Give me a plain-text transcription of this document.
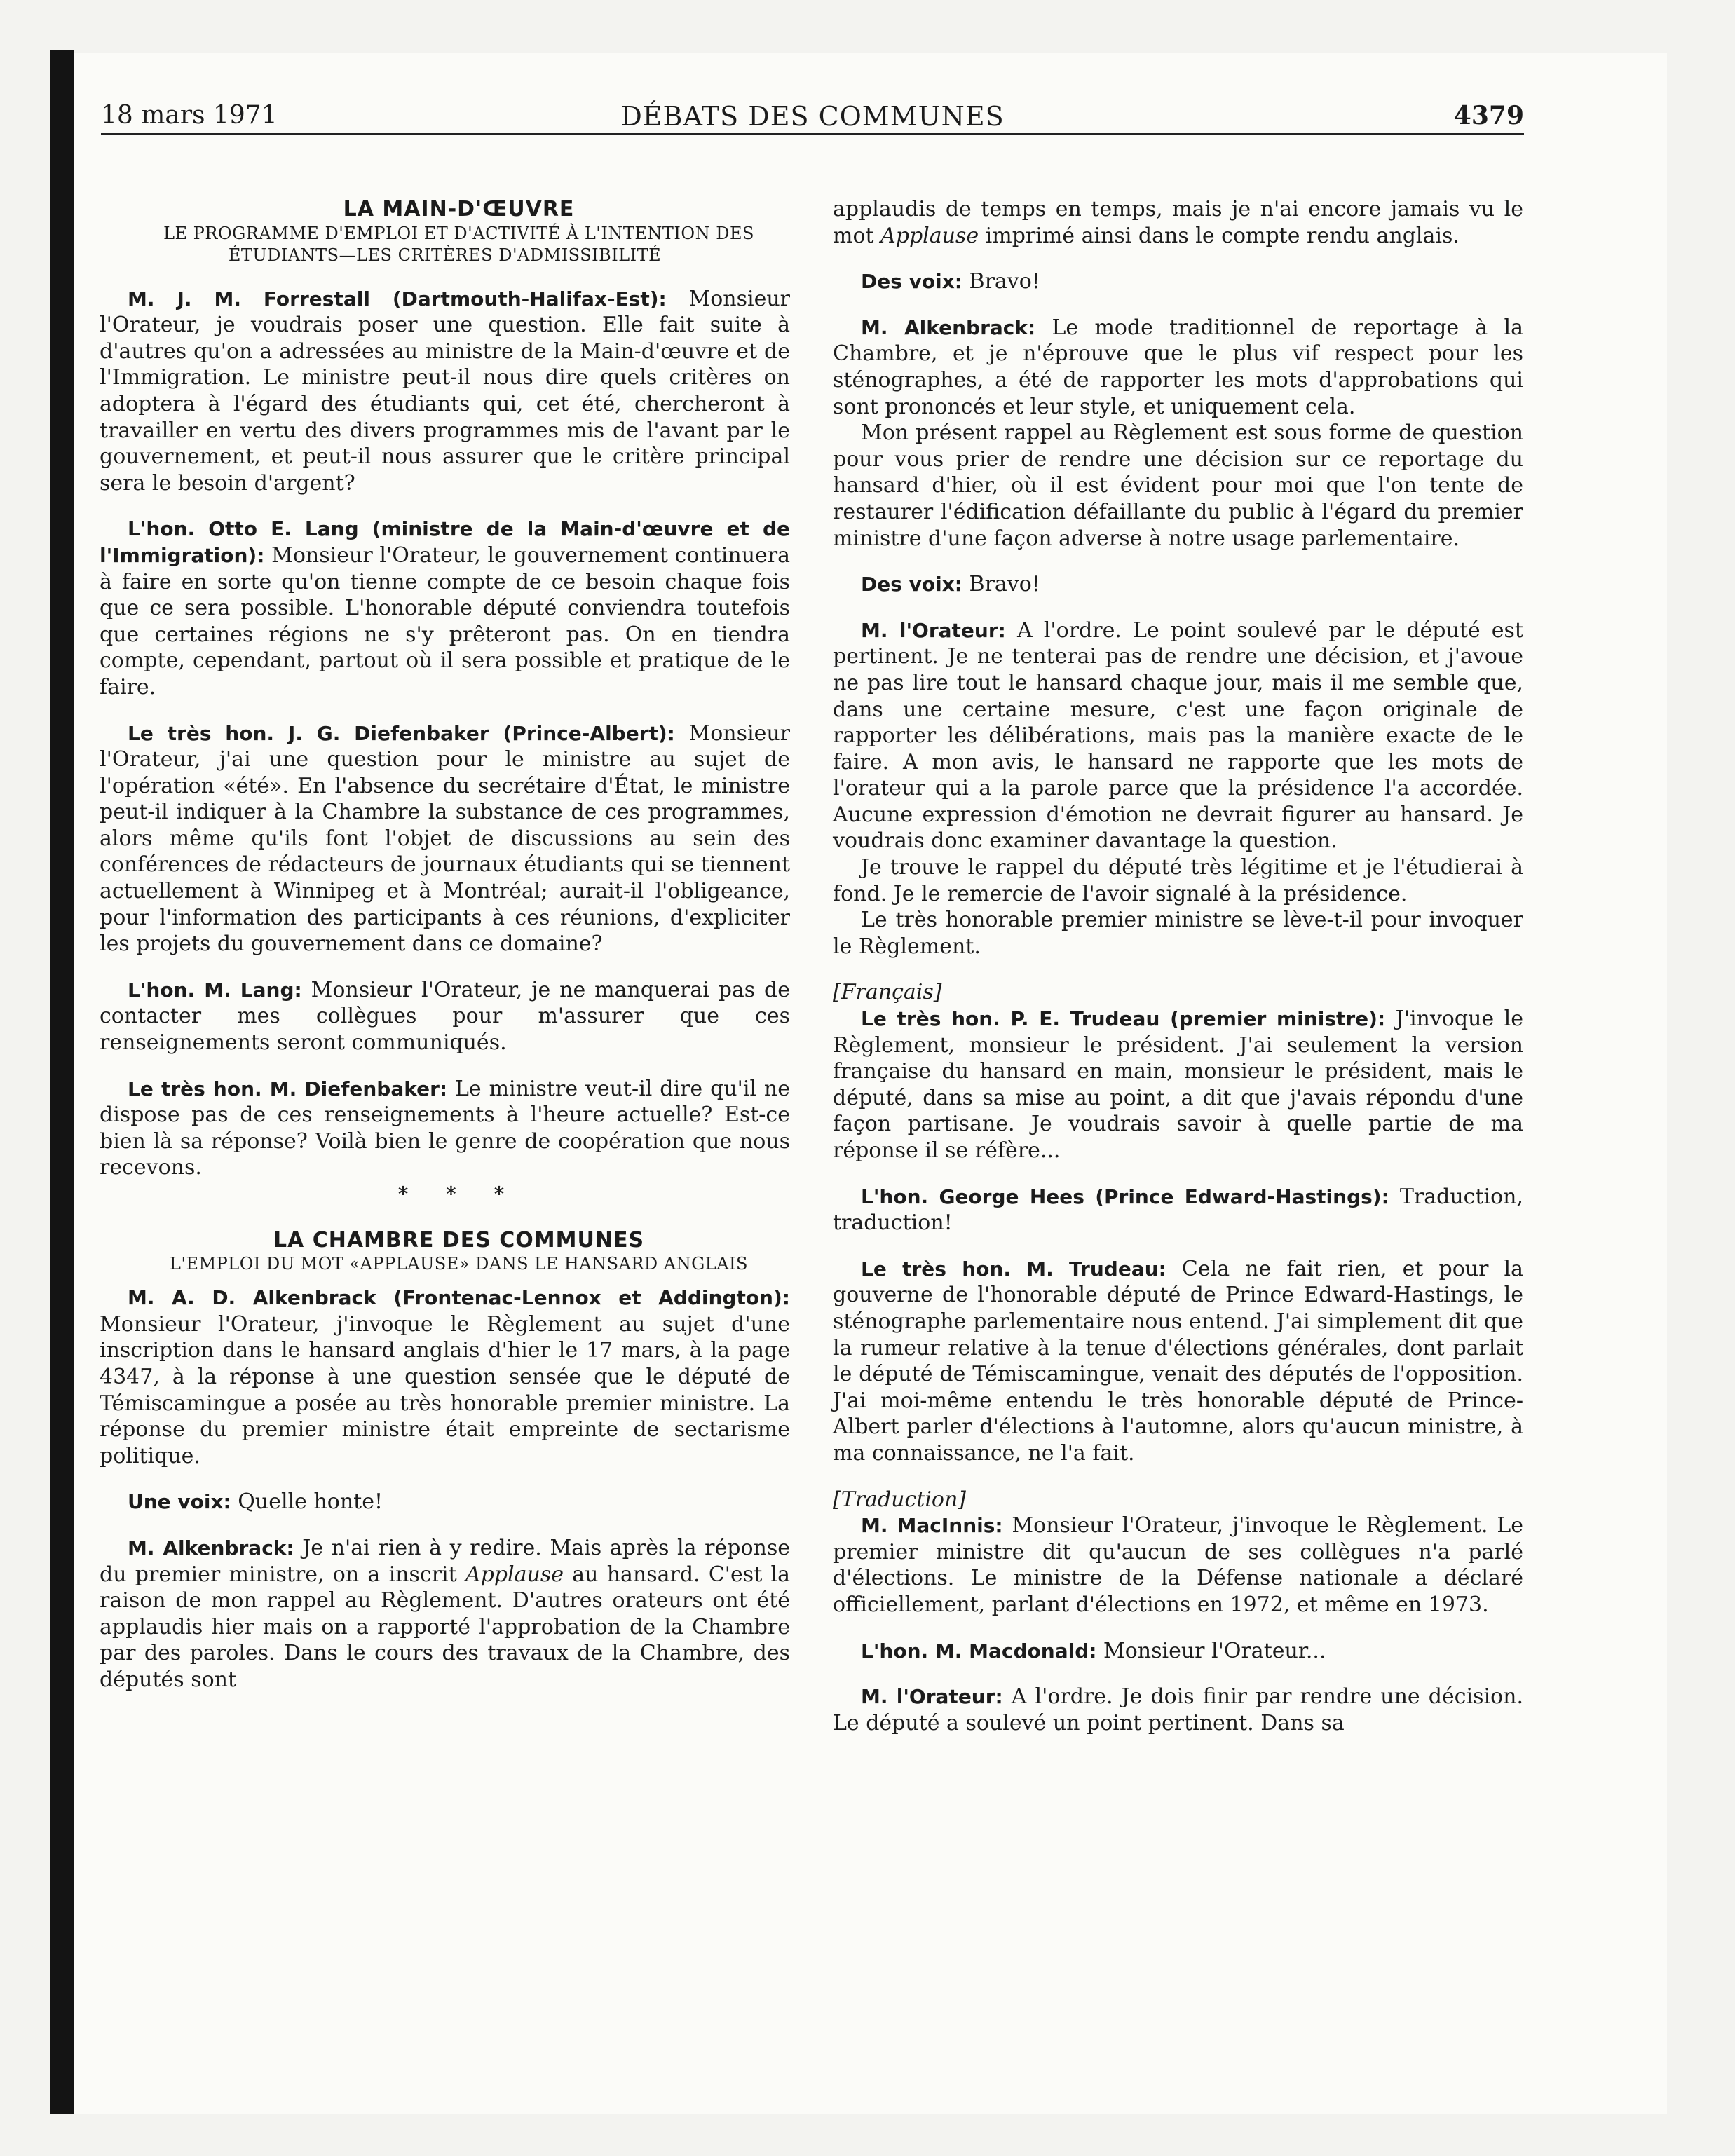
18 mars 1971	DÉBATS DES COMMUNES	4379

LA MAIN-D'ŒUVRE

LE PROGRAMME D'EMPLOI ET D'ACTIVITÉ À L'INTENTION DES ÉTUDIANTS—LES CRITÈRES D'ADMISSIBILITÉ

M. J. M. Forrestall (Dartmouth-Halifax-Est): Monsieur l'Orateur, je voudrais poser une question. Elle fait suite à d'autres qu'on a adressées au ministre de la Main-d'œuvre et de l'Immigration. Le ministre peut-il nous dire quels critères on adoptera à l'égard des étudiants qui, cet été, chercheront à travailler en vertu des divers programmes mis de l'avant par le gouvernement, et peut-il nous assurer que le critère principal sera le besoin d'argent?

L'hon. Otto E. Lang (ministre de la Main-d'œuvre et de l'Immigration): Monsieur l'Orateur, le gouvernement continuera à faire en sorte qu'on tienne compte de ce besoin chaque fois que ce sera possible. L'honorable député conviendra toutefois que certaines régions ne s'y prêteront pas. On en tiendra compte, cependant, partout où il sera possible et pratique de le faire.

Le très hon. J. G. Diefenbaker (Prince-Albert): Monsieur l'Orateur, j'ai une question pour le ministre au sujet de l'opération «été». En l'absence du secrétaire d'État, le ministre peut-il indiquer à la Chambre la substance de ces programmes, alors même qu'ils font l'objet de discussions au sein des conférences de rédacteurs de journaux étudiants qui se tiennent actuellement à Winnipeg et à Montréal; aurait-il l'obligeance, pour l'information des participants à ces réunions, d'expliciter les projets du gouvernement dans ce domaine?

L'hon. M. Lang: Monsieur l'Orateur, je ne manquerai pas de contacter mes collègues pour m'assurer que ces renseignements seront communiqués.

Le très hon. M. Diefenbaker: Le ministre veut-il dire qu'il ne dispose pas de ces renseignements à l'heure actuelle? Est-ce bien là sa réponse? Voilà bien le genre de coopération que nous recevons.

* * *

LA CHAMBRE DES COMMUNES

L'EMPLOI DU MOT «APPLAUSE» DANS LE HANSARD ANGLAIS

M. A. D. Alkenbrack (Frontenac-Lennox et Addington): Monsieur l'Orateur, j'invoque le Règlement au sujet d'une inscription dans le hansard anglais d'hier le 17 mars, à la page 4347, à la réponse à une question sensée que le député de Témiscamingue a posée au très honorable premier ministre. La réponse du premier ministre était empreinte de sectarisme politique.

Une voix: Quelle honte!

M. Alkenbrack: Je n'ai rien à y redire. Mais après la réponse du premier ministre, on a inscrit Applause au hansard. C'est la raison de mon rappel au Règlement. D'autres orateurs ont été applaudis hier mais on a rapporté l'approbation de la Chambre par des paroles. Dans le cours des travaux de la Chambre, des députés sont

applaudis de temps en temps, mais je n'ai encore jamais vu le mot Applause imprimé ainsi dans le compte rendu anglais.

Des voix: Bravo!

M. Alkenbrack: Le mode traditionnel de reportage à la Chambre, et je n'éprouve que le plus vif respect pour les sténographes, a été de rapporter les mots d'approbations qui sont prononcés et leur style, et uniquement cela.

Mon présent rappel au Règlement est sous forme de question pour vous prier de rendre une décision sur ce reportage du hansard d'hier, où il est évident pour moi que l'on tente de restaurer l'édification défaillante du public à l'égard du premier ministre d'une façon adverse à notre usage parlementaire.

Des voix: Bravo!

M. l'Orateur: A l'ordre. Le point soulevé par le député est pertinent. Je ne tenterai pas de rendre une décision, et j'avoue ne pas lire tout le hansard chaque jour, mais il me semble que, dans une certaine mesure, c'est une façon originale de rapporter les délibérations, mais pas la manière exacte de le faire. A mon avis, le hansard ne rapporte que les mots de l'orateur qui a la parole parce que la présidence l'a accordée. Aucune expression d'émotion ne devrait figurer au hansard. Je voudrais donc examiner davantage la question.

Je trouve le rappel du député très légitime et je l'étudierai à fond. Je le remercie de l'avoir signalé à la présidence.

Le très honorable premier ministre se lève-t-il pour invoquer le Règlement.

[Français]

Le très hon. P. E. Trudeau (premier ministre): J'invoque le Règlement, monsieur le président. J'ai seulement la version française du hansard en main, monsieur le président, mais le député, dans sa mise au point, a dit que j'avais répondu d'une façon partisane. Je voudrais savoir à quelle partie de ma réponse il se réfère...

L'hon. George Hees (Prince Edward-Hastings): Traduction, traduction!

Le très hon. M. Trudeau: Cela ne fait rien, et pour la gouverne de l'honorable député de Prince Edward-Hastings, le sténographe parlementaire nous entend. J'ai simplement dit que la rumeur relative à la tenue d'élections générales, dont parlait le député de Témiscamingue, venait des députés de l'opposition. J'ai moi-même entendu le très honorable député de Prince-Albert parler d'élections à l'automne, alors qu'aucun ministre, à ma connaissance, ne l'a fait.

[Traduction]

M. MacInnis: Monsieur l'Orateur, j'invoque le Règlement. Le premier ministre dit qu'aucun de ses collègues n'a parlé d'élections. Le ministre de la Défense nationale a déclaré officiellement, parlant d'élections en 1972, et même en 1973.

L'hon. M. Macdonald: Monsieur l'Orateur...

M. l'Orateur: A l'ordre. Je dois finir par rendre une décision. Le député a soulevé un point pertinent. Dans sa
